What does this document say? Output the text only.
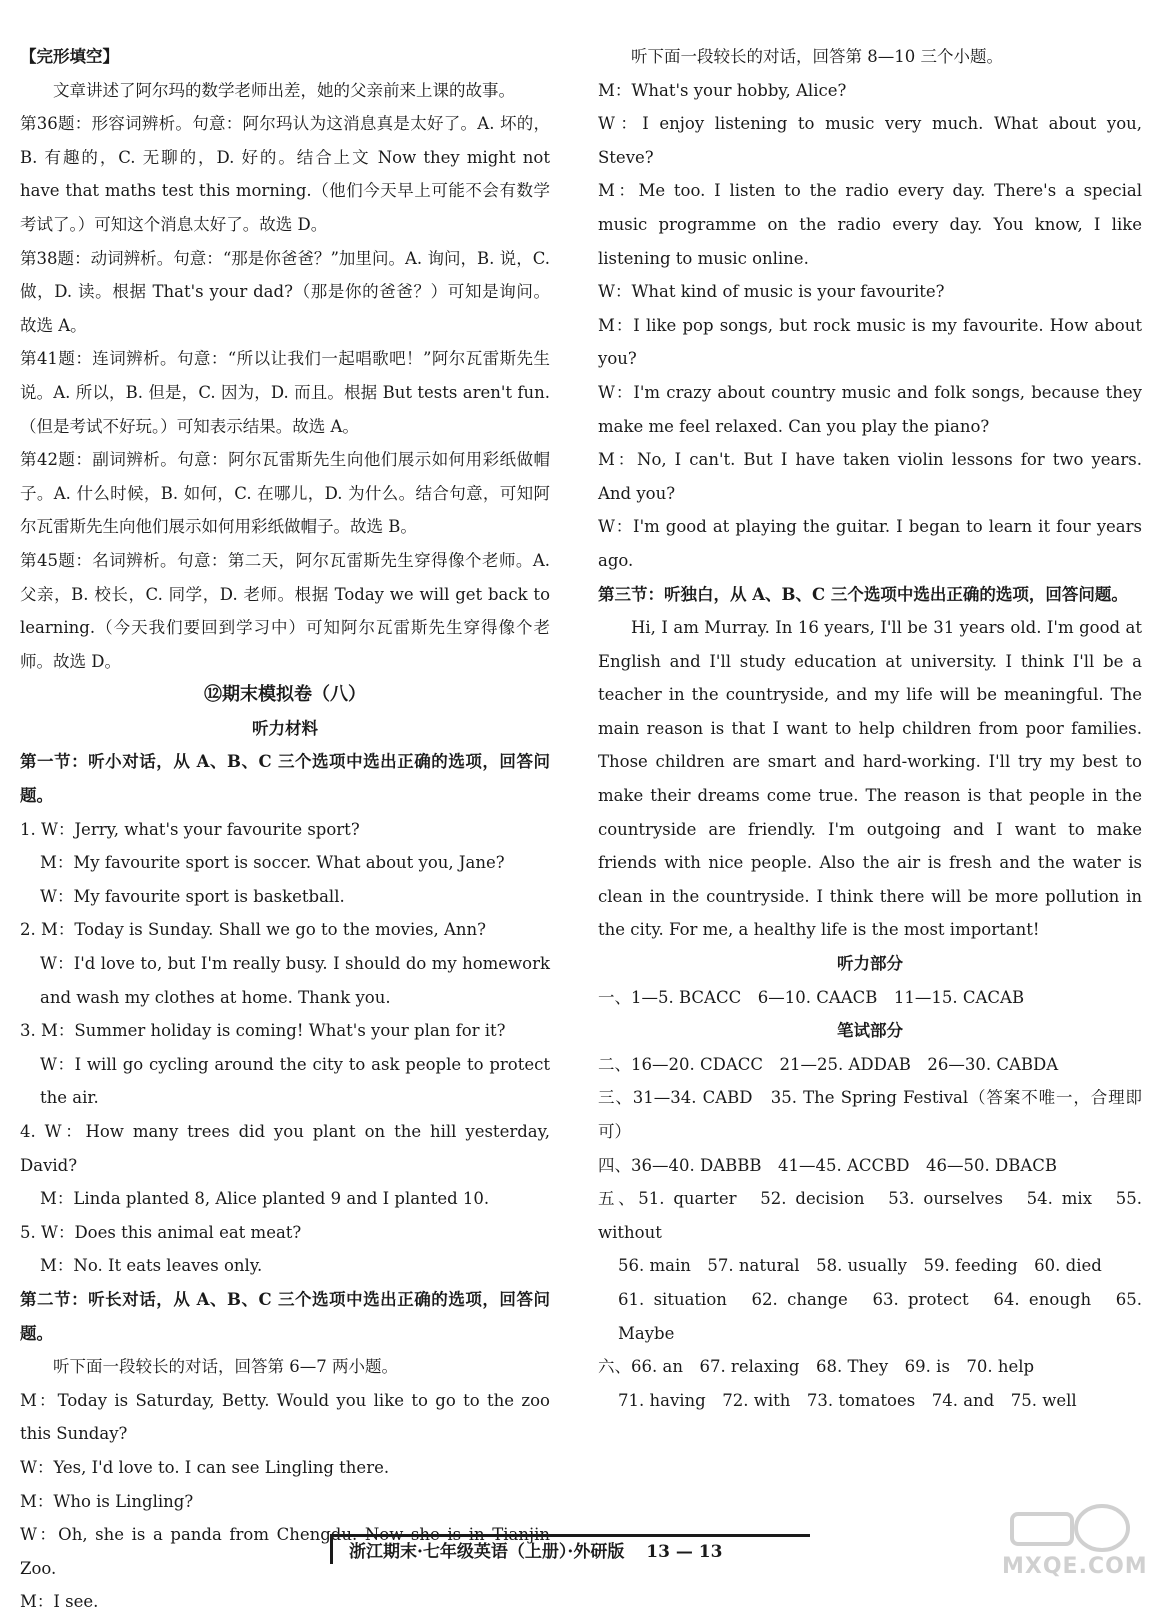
【完形填空】

文章讲述了阿尔玛的数学老师出差，她的父亲前来上课的故事。

第36题：形容词辨析。句意：阿尔玛认为这消息真是太好了。A. 坏的，B. 有趣的，C. 无聊的，D. 好的。结合上文 Now they might not have that maths test this morning.（他们今天早上可能不会有数学考试了。）可知这个消息太好了。故选 D。

第38题：动词辨析。句意：“那是你爸爸？”加里问。A. 询问，B. 说，C. 做，D. 读。根据 That's your dad?（那是你的爸爸？）可知是询问。故选 A。

第41题：连词辨析。句意：“所以让我们一起唱歌吧！”阿尔瓦雷斯先生说。A. 所以，B. 但是，C. 因为，D. 而且。根据 But tests aren't fun.（但是考试不好玩。）可知表示结果。故选 A。

第42题：副词辨析。句意：阿尔瓦雷斯先生向他们展示如何用彩纸做帽子。A. 什么时候，B. 如何，C. 在哪儿，D. 为什么。结合句意，可知阿尔瓦雷斯先生向他们展示如何用彩纸做帽子。故选 B。

第45题：名词辨析。句意：第二天，阿尔瓦雷斯先生穿得像个老师。A. 父亲，B. 校长，C. 同学，D. 老师。根据 Today we will get back to learning.（今天我们要回到学习中）可知阿尔瓦雷斯先生穿得像个老师。故选 D。

⑫期末模拟卷（八）

听力材料

第一节：听小对话，从 A、B、C 三个选项中选出正确的选项，回答问题。

1. W：Jerry, what's your favourite sport?

M：My favourite sport is soccer. What about you, Jane?

W：My favourite sport is basketball.

2. M：Today is Sunday. Shall we go to the movies, Ann?

W：I'd love to, but I'm really busy. I should do my homework and wash my clothes at home. Thank you.

3. M：Summer holiday is coming! What's your plan for it?

W：I will go cycling around the city to ask people to protect the air.

4. W：How many trees did you plant on the hill yesterday, David?

M：Linda planted 8, Alice planted 9 and I planted 10.

5. W：Does this animal eat meat?

M：No. It eats leaves only.

第二节：听长对话，从 A、B、C 三个选项中选出正确的选项，回答问题。

听下面一段较长的对话，回答第 6—7 两小题。

M：Today is Saturday, Betty. Would you like to go to the zoo this Sunday?

W：Yes, I'd love to. I can see Lingling there.

M：Who is Lingling?

W：Oh, she is a panda from Chengdu. Now she is in Tianjin Zoo.

M：I see.

听下面一段较长的对话，回答第 8—10 三个小题。

M：What's your hobby, Alice?

W：I enjoy listening to music very much. What about you, Steve?

M：Me too. I listen to the radio every day. There's a special music programme on the radio every day. You know, I like listening to music online.

W：What kind of music is your favourite?

M：I like pop songs, but rock music is my favourite. How about you?

W：I'm crazy about country music and folk songs, because they make me feel relaxed. Can you play the piano?

M：No, I can't. But I have taken violin lessons for two years. And you?

W：I'm good at playing the guitar. I began to learn it four years ago.

第三节：听独白，从 A、B、C 三个选项中选出正确的选项，回答问题。

Hi, I am Murray. In 16 years, I'll be 31 years old. I'm good at English and I'll study education at university. I think I'll be a teacher in the countryside, and my life will be meaningful. The main reason is that I want to help children from poor families. Those children are smart and hard-working. I'll try my best to make their dreams come true. The reason is that people in the countryside are friendly. I'm outgoing and I want to make friends with nice people. Also the air is fresh and the water is clean in the countryside. I think there will be more pollution in the city. For me, a healthy life is the most important!

听力部分

一、1—5. BCACC　6—10. CAACB　11—15. CACAB

笔试部分

二、16—20. CDACC　21—25. ADDAB　26—30. CABDA

三、31—34. CABD　35. The Spring Festival（答案不唯一，合理即可）

四、36—40. DABBB　41—45. ACCBD　46—50. DBACB

五、51. quarter　52. decision　53. ourselves　54. mix　55. without

56. main　57. natural　58. usually　59. feeding　60. died

61. situation　62. change　63. protect　64. enough　65. Maybe

六、66. an　67. relaxing　68. They　69. is　70. help

71. having　72. with　73. tomatoes　74. and　75. well

浙江期末·七年级英语（上册）·外研版 13 — 13
MXQE.COM
